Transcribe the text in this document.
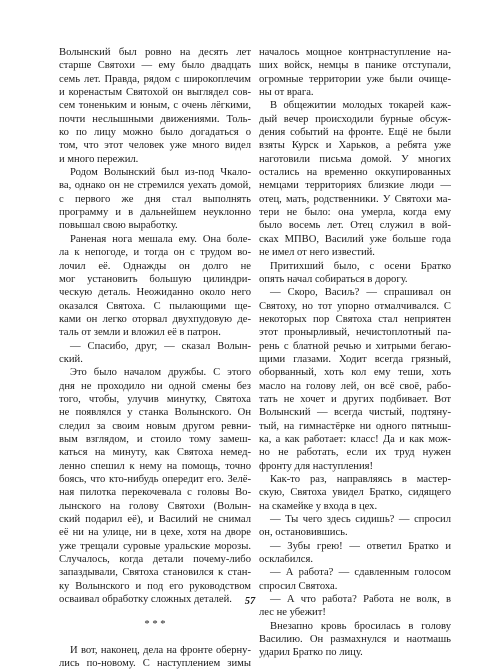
Волынский был ровно на десять лет
старше Святохи — ему было двадцать
семь лет. Правда, рядом с широкоплечим
и коренастым Святохой он выглядел сов-
сем тоненьким и юным, с очень лёгкими,
почти неслышными движениями. Толь-
ко по лицу можно было догадаться о
том, что этот человек уже много видел
и много пережил.
Родом Волынский был из-под Чкало-
ва, однако он не стремился уехать домой,
с первого же дня стал выполнять
программу и в дальнейшем неуклонно
повышал свою выработку.
Раненая нога мешала ему. Она боле-
ла к непогоде, и тогда он с трудом во-
лочил её. Однажды он долго не
мог установить большую цилиндри-
ческую деталь. Неожиданно около него
оказался Святоха. С пылающими ще-
ками он легко оторвал двухпудовую де-
таль от земли и вложил её в патрон.
— Спасибо, друг, — сказал Волын-
ский.
Это было началом дружбы. С этого
дня не проходило ни одной смены без
того, чтобы, улучив минутку, Святоха
не появлялся у станка Волынского. Он
следил за своим новым другом ревни-
вым взглядом, и стоило тому замеш-
каться на минуту, как Святоха немед-
ленно спешил к нему на помощь, точно
боясь, что кто-нибудь опередит его. Зелё-
ная пилотка перекочевала с головы Во-
лынского на голову Святохи (Волын-
ский подарил её), и Василий не снимал
её ни на улице, ни в цехе, хотя на дворе
уже трещали суровые уральские морозы.
Случалось, когда детали почему-либо
запаздывали, Святоха становился к стан-
ку Волынского и под его руководством
осваивал обработку сложных деталей.
* * *
И вот, наконец, дела на фронте оберну-
лись по-новому. С наступлением зимы
началось мощное контрнаступление на-
ших войск, немцы в панике отступали,
огромные территории уже были очище-
ны от врага.
В общежитии молодых токарей каж-
дый вечер происходили бурные обсуж-
дения событий на фронте. Ещё не были
взяты Курск и Харьков, а ребята уже
наготовили письма домой. У многих
остались на временно оккупированных
немцами территориях близкие люди —
отец, мать, родственники. У Святохи ма-
тери не было: она умерла, когда ему
было восемь лет. Отец служил в вой-
сках МПВО, Василий уже больше года
не имел от него известий.
Притихший было, с осени Братко
опять начал собираться в дорогу.
— Скоро, Васиљ? — спрашивал он
Святоху, но тот упорно отмалчивался. С
некоторых пор Святоха стал неприятен
этот пронырливый, нечистоплотный па-
рень с блатной речью и хитрыми бегаю-
щими глазами. Ходит всегда грязный,
оборванный, хоть кол ему теши, хоть
масло на голову лей, он всё своё, рабо-
тать не хочет и других подбивает. Вот
Волынский — всегда чистый, подтяну-
тый, на гимнастёрке ни одного пятныш-
ка, а как работает: класс! Да и как мож-
но не работать, если их труд нужен
фронту для наступления!
Как-то раз, направляясь в мастер-
скую, Святоха увидел Братко, сидящего
на скамейке у входа в цех.
— Ты чего здесь сидишь? — спросил
он, остановившись.
— Зубы грею! — ответил Братко и
осклабился.
— А работа? — сдавленным голосом
спросил Святоха.
— А что работа? Работа не волк, в
лес не убежит!
Внезапно кровь бросилась в голову
Василию. Он размахнулся и наотмашь
ударил Братко по лицу.
57
